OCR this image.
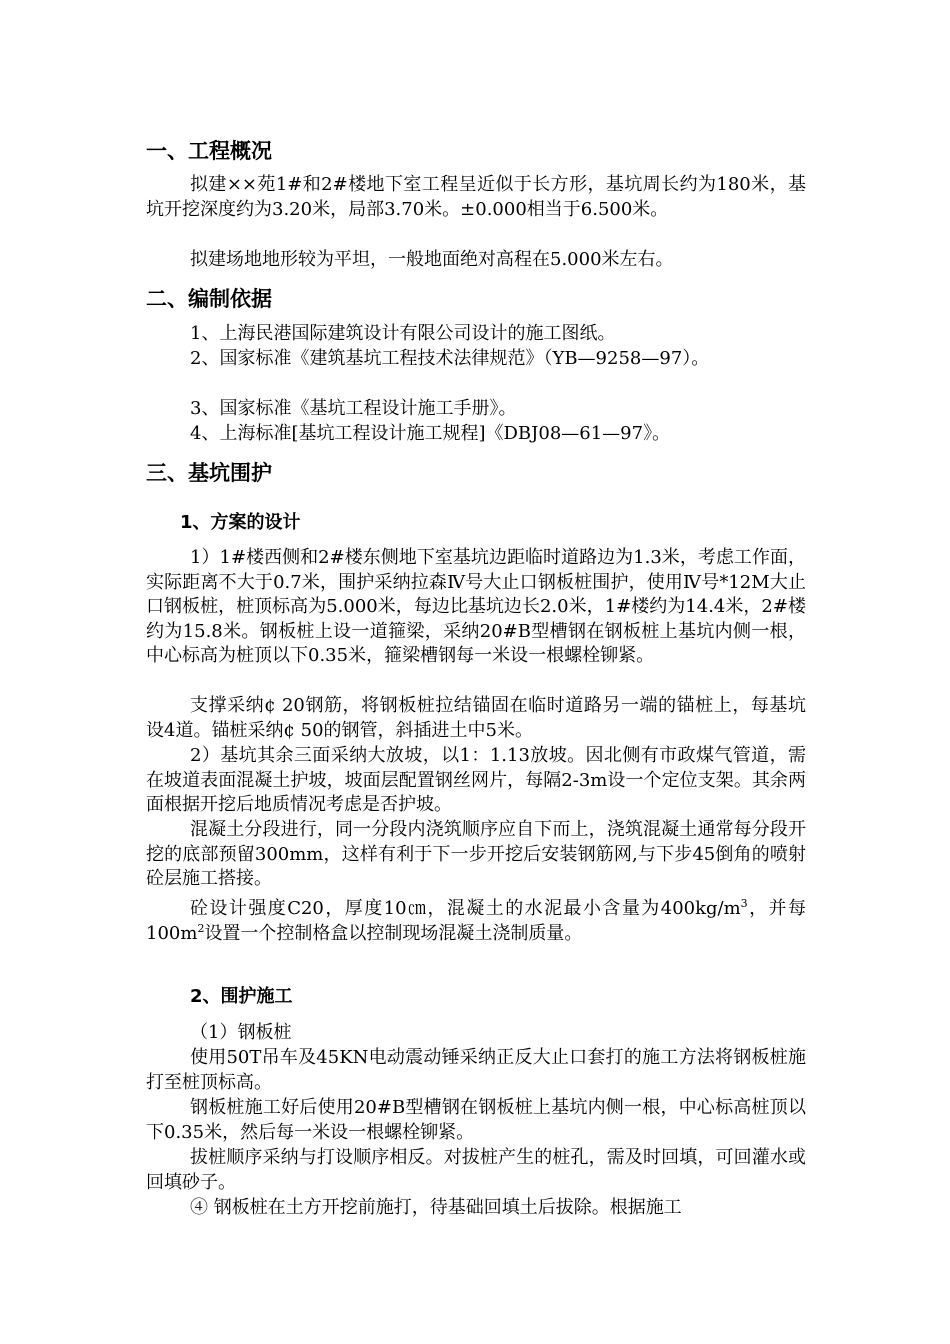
一、工程概况
拟建××苑1#和2#楼地下室工程呈近似于长方形，基坑周长约为180米，基坑开挖深度约为3.20米，局部3.70米。±0.000相当于6.500米。
拟建场地地形较为平坦，一般地面绝对高程在5.000米左右。
二、编制依据
1、上海民港国际建筑设计有限公司设计的施工图纸。
2、国家标准《建筑基坑工程技术法律规范》（YB—9258—97）。
3、国家标准《基坑工程设计施工手册》。
4、上海标准[基坑工程设计施工规程]《DBJ08—61—97》。
三、基坑围护
1、方案的设计
1）1#楼西侧和2#楼东侧地下室基坑边距临时道路边为1.3米，考虑工作面，实际距离不大于0.7米，围护采纳拉森Ⅳ号大止口钢板桩围护，使用Ⅳ号*12M大止口钢板桩，桩顶标高为5.000米，每边比基坑边长2.0米，1#楼约为14.4米，2#楼约为15.8米。钢板桩上设一道箍梁，采纳20#B型槽钢在钢板桩上基坑内侧一根，中心标高为桩顶以下0.35米，箍梁槽钢每一米设一根螺栓铆紧。
支撑采纳¢ 20钢筋，将钢板桩拉结锚固在临时道路另一端的锚桩上，每基坑设4道。锚桩采纳¢ 50的钢管，斜插进土中5米。
2）基坑其余三面采纳大放坡，以1：1.13放坡。因北侧有市政煤气管道，需在坡道表面混凝土护坡，坡面层配置钢丝网片，每隔2-3m设一个定位支架。其余两面根据开挖后地质情况考虑是否护坡。
混凝土分段进行，同一分段内浇筑顺序应自下而上，浇筑混凝土通常每分段开挖的底部预留300mm，这样有利于下一步开挖后安装钢筋网,与下步45倒角的喷射砼层施工搭接。
砼设计强度C20，厚度10㎝，混凝土的水泥最小含量为$400kg/m^3$，并每$100m^2$设置一个控制格盒以控制现场混凝土浇制质量。
2、围护施工
（1）钢板桩
使用50T吊车及45KN电动震动锤采纳正反大止口套打的施工方法将钢板桩施打至桩顶标高。
钢板桩施工好后使用20#B型槽钢在钢板桩上基坑内侧一根，中心标高桩顶以下0.35米，然后每一米设一根螺栓铆紧。
拔桩顺序采纳与打设顺序相反。对拔桩产生的桩孔，需及时回填，可回灌水或回填砂子。
④ 钢板桩在土方开挖前施打，待基础回填土后拔除。根据施工
